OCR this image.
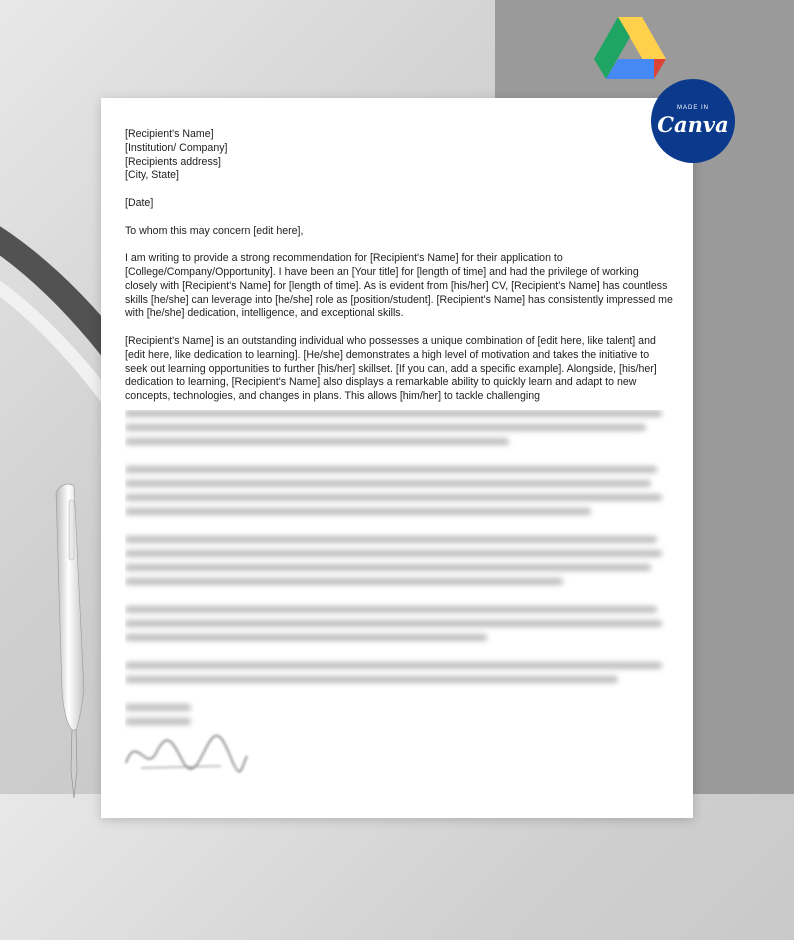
[Recipient's Name]
[Institution/ Company]
[Recipients address]
[City, State]

[Date]

To whom this may concern [edit here],

I am writing to provide a strong recommendation for [Recipient's Name] for their application to [College/Company/Opportunity]. I have been an [Your title] for [length of time] and had the privilege of working closely with [Recipient's Name] for [length of time]. As is evident from [his/her] CV, [Recipient's Name] has countless skills [he/she] can leverage into [he/she] role as [position/student]. [Recipient's Name] has consistently impressed me with [he/she] dedication, intelligence, and exceptional skills.

[Recipient's Name] is an outstanding individual who possesses a unique combination of [edit here, like talent] and [edit here, like dedication to learning]. [He/she] demonstrates a high level of motivation and takes the initiative to seek out learning opportunities to further [his/her] skillset. [If you can, add a specific example]. Alongside, [his/her] dedication to learning, [Recipient's Name] also displays a remarkable ability to quickly learn and adapt to new concepts, technologies, and changes in plans. This allows [him/her] to tackle challenging

MADE IN
Canva
